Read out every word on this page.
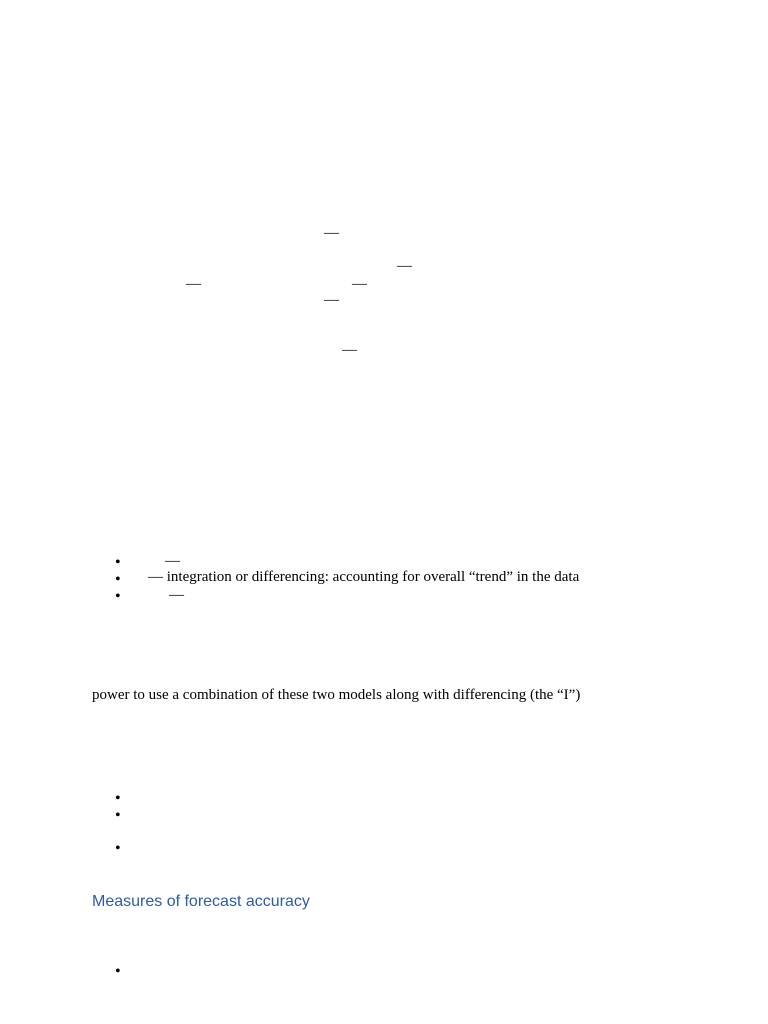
—
—
—	—
—
—
•	—
• — integration or differencing: accounting for overall “trend” in the data
•	—

power to use a combination of these two models along with differencing (the “I”)

•
•
•
Measures of forecast accuracy
•
